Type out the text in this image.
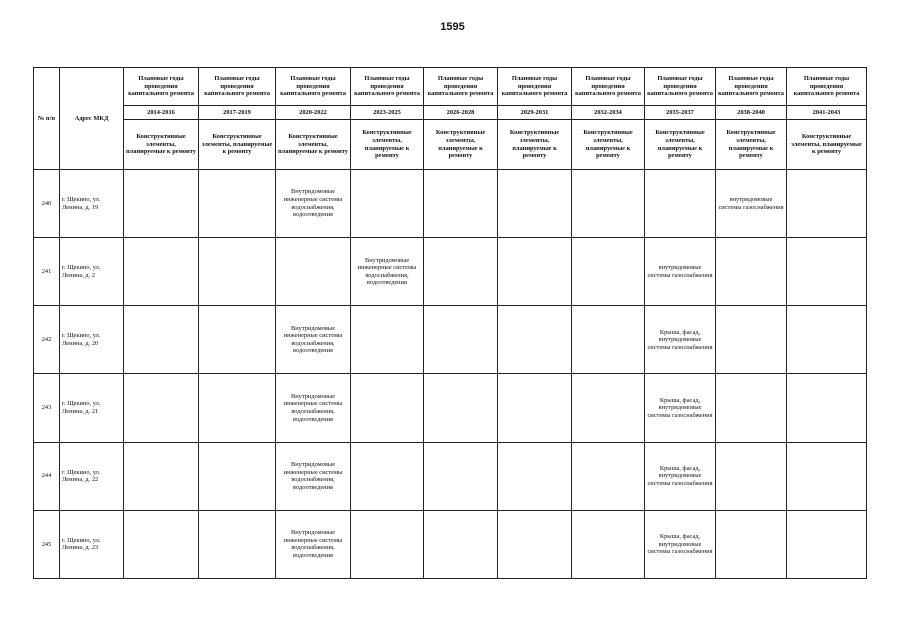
1595
№ п/п	Адрес МКД	Плановые годы проведения капитального ремонта	Плановые годы проведения капитального ремонта	Плановые годы проведения капитального ремонта	Плановые годы проведения капитального ремонта	Плановые годы проведения капитального ремонта	Плановые годы проведения капитального ремонта	Плановые годы проведения капитального ремонта	Плановые годы проведения капитального ремонта	Плановые годы проведения капитального ремонта	Плановые годы проведения капитального ремонта
		2014-2016	2017-2019	2020-2022	2023-2025	2026-2028	2029-2031	2032-2034	2035-2037	2038-2040	2041-2043
		Конструктивные элементы, планируемые к ремонту	Конструктивные элементы, планируемые к ремонту	Конструктивные элементы, планируемые к ремонту	Конструктивные элементы, планируемые к ремонту	Конструктивные элементы, планируемые к ремонту	Конструктивные элементы, планируемые к ремонту	Конструктивные элементы, планируемые к ремонту	Конструктивные элементы, планируемые к ремонту	Конструктивные элементы, планируемые к ремонту	Конструктивные элементы, планируемые к ремонту
240	г. Щекино, ул. Ленина, д. 19			Внутридомовые инженерные системы водоснабжения, водоотведения						внутридомовые системы газоснабжения	
241	г. Щекино, ул. Ленина, д. 2				Внутридомовые инженерные системы водоснабжения, водоотведения				внутридомовые системы газоснабжения		
242	г. Щекино, ул. Ленина, д. 20			Внутридомовые инженерные системы водоснабжения, водоотведения					Крыша, фасад, внутридомовые системы газоснабжения		
243	г. Щекино, ул. Ленина, д. 21			Внутридомовые инженерные системы водоснабжения, водоотведения					Крыша, фасад, внутридомовые системы газоснабжения		
244	г. Щекино, ул. Ленина, д. 22			Внутридомовые инженерные системы водоснабжения, водоотведения					Крыша, фасад, внутридомовые системы газоснабжения		
245	г. Щекино, ул. Ленина, д. 23			Внутридомовые инженерные системы водоснабжения, водоотведения					Крыша, фасад, внутридомовые системы газоснабжения		
